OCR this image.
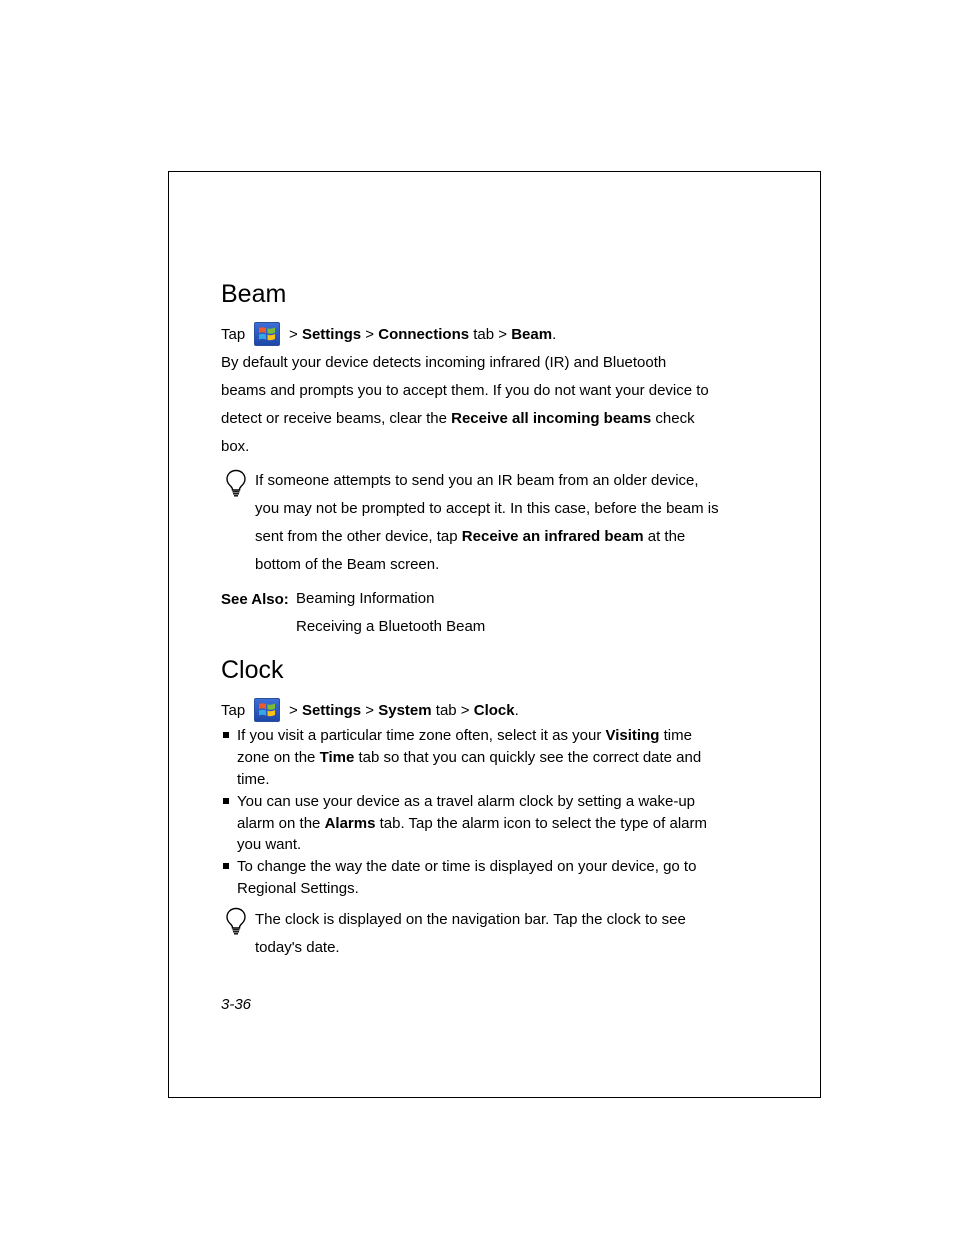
Beam
Tap	> Settings > Connections tab > Beam.
By default your device detects incoming infrared (IR) and Bluetooth
beams and prompts you to accept them. If you do not want your device to
detect or receive beams, clear the Receive all incoming beams check
box.
If someone attempts to send you an IR beam from an older device,
you may not be prompted to accept it. In this case, before the beam is
sent from the other device, tap Receive an infrared beam at the
bottom of the Beam screen.
See Also: Beaming Information
Receiving a Bluetooth Beam
Clock
Tap	> Settings > System tab > Clock.
If you visit a particular time zone often, select it as your Visiting time
zone on the Time tab so that you can quickly see the correct date and
time.
You can use your device as a travel alarm clock by setting a wake-up
alarm on the Alarms tab. Tap the alarm icon to select the type of alarm
you want.
To change the way the date or time is displayed on your device, go to
Regional Settings.
The clock is displayed on the navigation bar. Tap the clock to see
today's date.
3-36
